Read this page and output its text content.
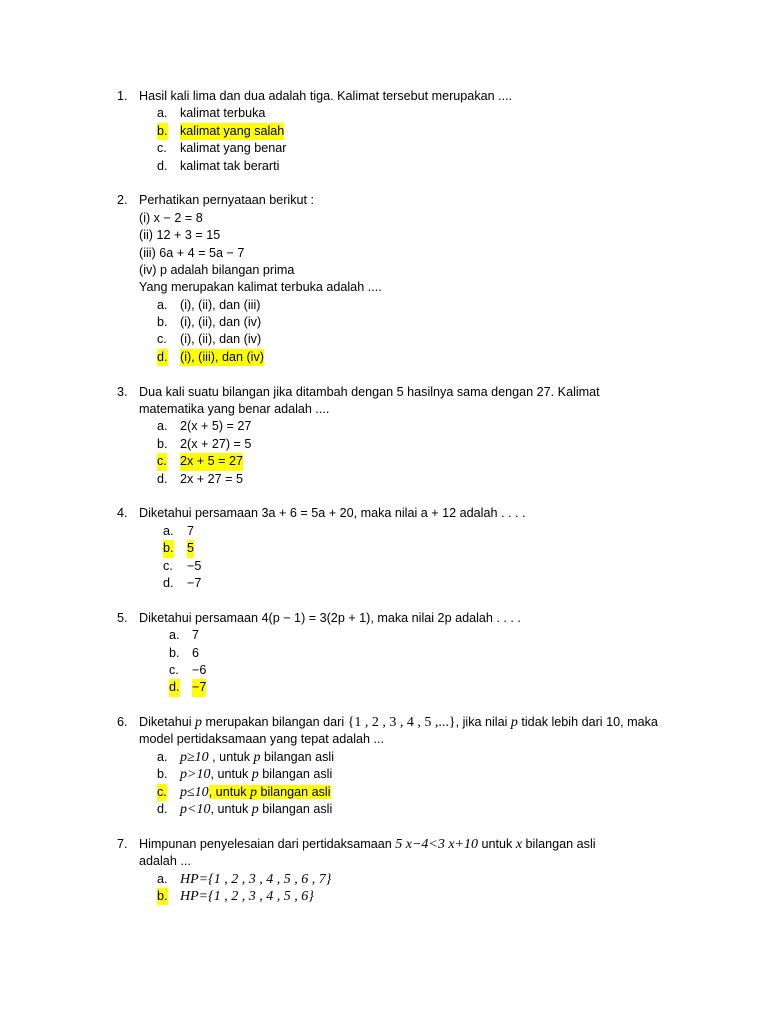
1. Hasil kali lima dan dua adalah tiga. Kalimat tersebut merupakan ....
a. kalimat terbuka
b. kalimat yang salah
c. kalimat yang benar
d. kalimat tak berarti
2. Perhatikan pernyataan berikut :
(i) x − 2 = 8
(ii) 12 + 3 = 15
(iii) 6a + 4 = 5a − 7
(iv) p adalah bilangan prima
Yang merupakan kalimat terbuka adalah ....
a. (i), (ii), dan (iii)
b. (i), (ii), dan (iv)
c. (i), (ii), dan (iv)
d. (i), (iii), dan (iv)
3. Dua kali suatu bilangan jika ditambah dengan 5 hasilnya sama dengan 27. Kalimat
matematika yang benar adalah ....
a. 2(x + 5) = 27
b. 2(x + 27) = 5
c. 2x + 5 = 27
d. 2x + 27 = 5
4. Diketahui persamaan 3a + 6 = 5a + 20, maka nilai a + 12 adalah . . . .
a. 7
b. 5
c. −5
d. −7
5. Diketahui persamaan 4(p − 1) = 3(2p + 1), maka nilai 2p adalah . . . .
a. 7
b. 6
c. −6
d. −7
6. Diketahui p merupakan bilangan dari {1 , 2 , 3 , 4 , 5 ,...}, jika nilai p tidak lebih dari 10, maka
model pertidaksamaan yang tepat adalah ...
a. p≥10 , untuk p bilangan asli
b. p>10, untuk p bilangan asli
c. p≤10, untuk p bilangan asli
d. p<10, untuk p bilangan asli
7. Himpunan penyelesaian dari pertidaksamaan 5 x−4<3 x+10 untuk x bilangan asli
adalah ...
a. HP={1 , 2 , 3 , 4 , 5 , 6 , 7}
b. HP={1 , 2 , 3 , 4 , 5 , 6}
